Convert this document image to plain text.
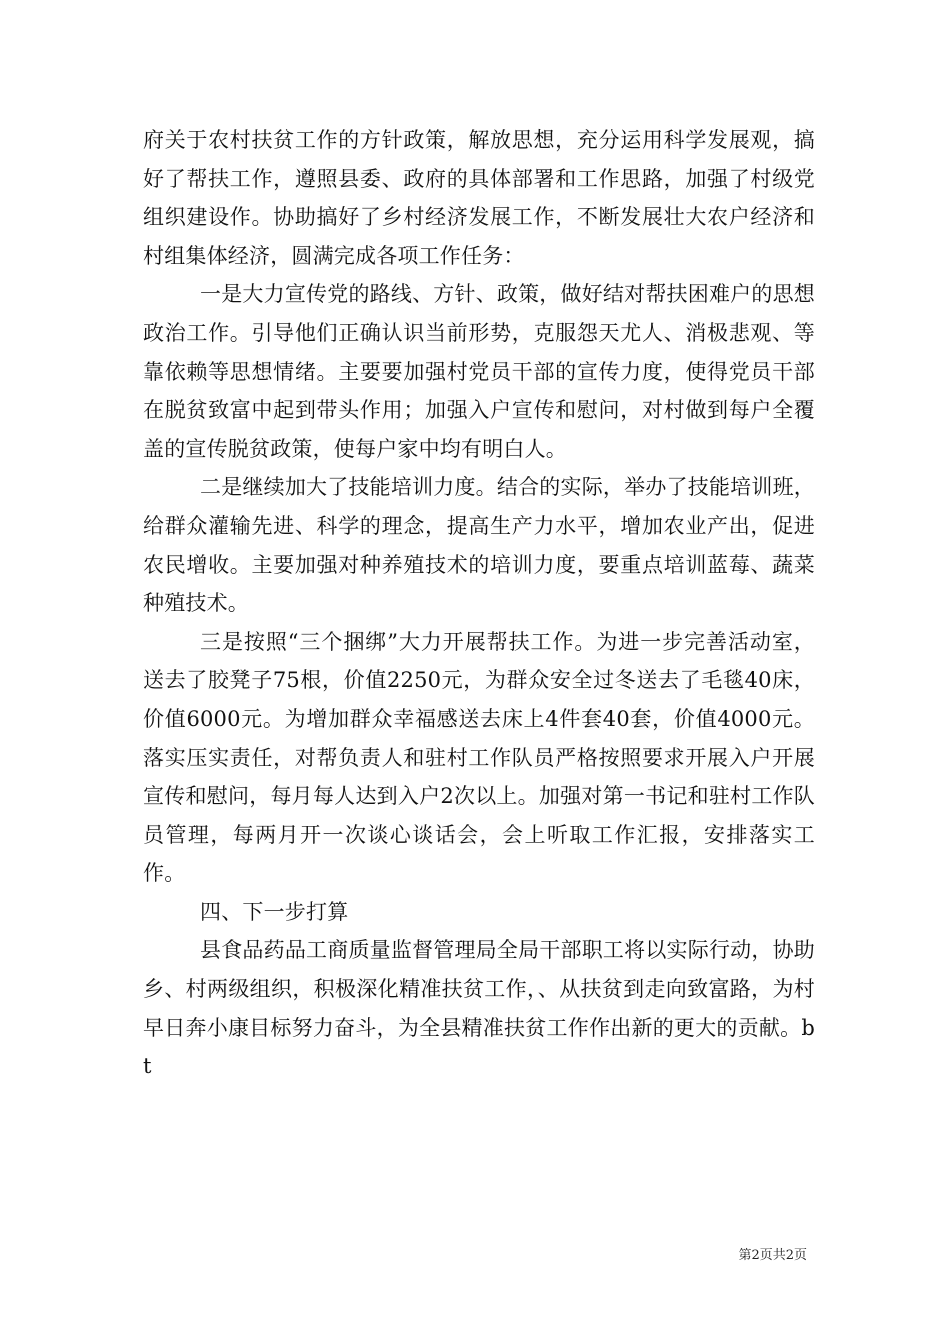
府关于农村扶贫工作的方针政策，解放思想，充分运用科学发展观，搞好了帮扶工作，遵照县委、政府的具体部署和工作思路，加强了村级党组织建设作。协助搞好了乡村经济发展工作，不断发展壮大农户经济和村组集体经济，圆满完成各项工作任务：

一是大力宣传党的路线、方针、政策，做好结对帮扶困难户的思想政治工作。引导他们正确认识当前形势，克服怨天尤人、消极悲观、等靠依赖等思想情绪。主要要加强村党员干部的宣传力度，使得党员干部在脱贫致富中起到带头作用；加强入户宣传和慰问，对村做到每户全覆盖的宣传脱贫政策，使每户家中均有明白人。

二是继续加大了技能培训力度。结合的实际，举办了技能培训班，给群众灌输先进、科学的理念，提高生产力水平，增加农业产出，促进农民增收。主要加强对种养殖技术的培训力度，要重点培训蓝莓、蔬菜种殖技术。

三是按照“三个捆绑”大力开展帮扶工作。为进一步完善活动室，送去了胶凳子75根，价值2250元，为群众安全过冬送去了毛毯40床，价值6000元。为增加群众幸福感送去床上4件套40套，价值4000元。落实压实责任，对帮负责人和驻村工作队员严格按照要求开展入户开展宣传和慰问，每月每人达到入户2次以上。加强对第一书记和驻村工作队员管理，每两月开一次谈心谈话会，会上听取工作汇报，安排落实工作。

四、下一步打算

县食品药品工商质量监督管理局全局干部职工将以实际行动，协助乡、村两级组织，积极深化精准扶贫工作，、从扶贫到走向致富路，为村早日奔小康目标努力奋斗，为全县精准扶贫工作作出新的更大的贡献。bt

第2页共2页
